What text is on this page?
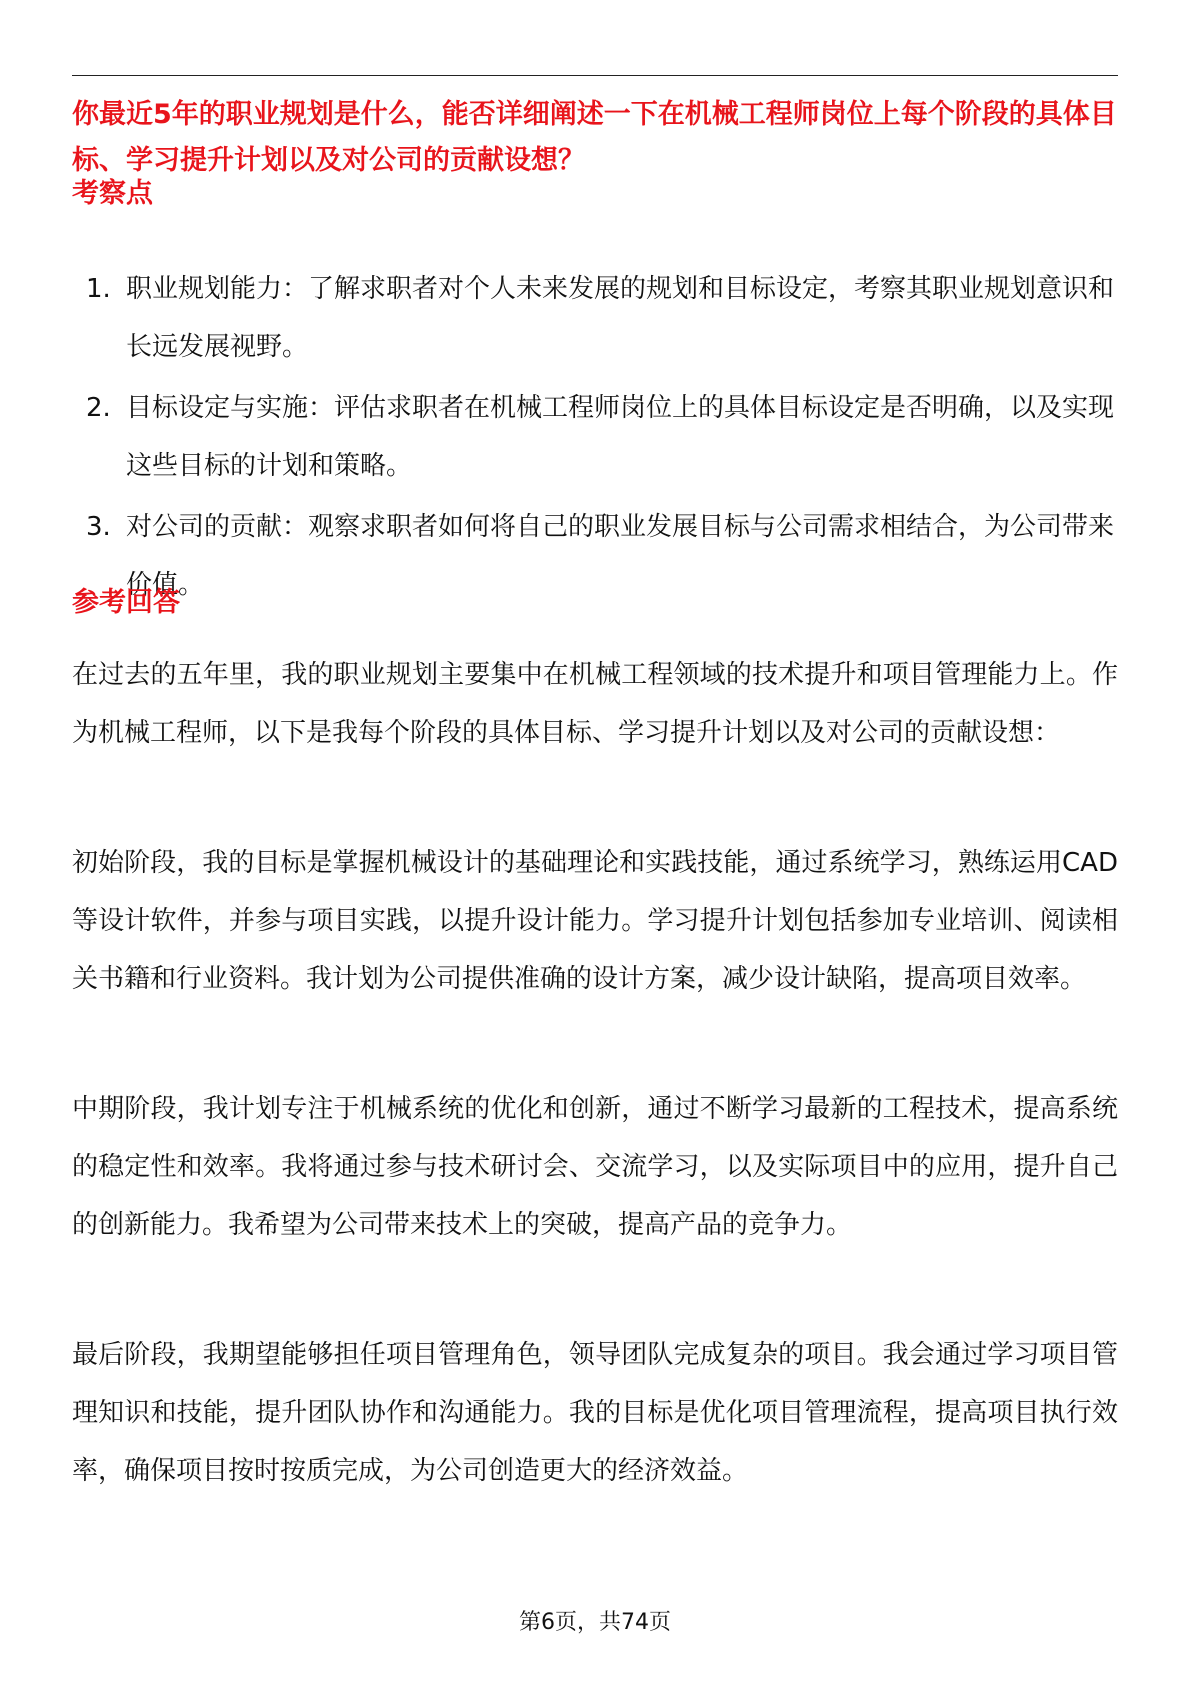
你最近5年的职业规划是什么，能否详细阐述一下在机械工程师岗位上每个阶段的具体目标、学习提升计划以及对公司的贡献设想？
考察点
1. 职业规划能力：了解求职者对个人未来发展的规划和目标设定，考察其职业规划意识和长远发展视野。
2. 目标设定与实施：评估求职者在机械工程师岗位上的具体目标设定是否明确，以及实现这些目标的计划和策略。
3. 对公司的贡献：观察求职者如何将自己的职业发展目标与公司需求相结合，为公司带来价值。
参考回答

在过去的五年里，我的职业规划主要集中在机械工程领域的技术提升和项目管理能力上。作为机械工程师，以下是我每个阶段的具体目标、学习提升计划以及对公司的贡献设想：

初始阶段，我的目标是掌握机械设计的基础理论和实践技能，通过系统学习，熟练运用CAD等设计软件，并参与项目实践，以提升设计能力。学习提升计划包括参加专业培训、阅读相关书籍和行业资料。我计划为公司提供准确的设计方案，减少设计缺陷，提高项目效率。

中期阶段，我计划专注于机械系统的优化和创新，通过不断学习最新的工程技术，提高系统的稳定性和效率。我将通过参与技术研讨会、交流学习，以及实际项目中的应用，提升自己的创新能力。我希望为公司带来技术上的突破，提高产品的竞争力。

最后阶段，我期望能够担任项目管理角色，领导团队完成复杂的项目。我会通过学习项目管理知识和技能，提升团队协作和沟通能力。我的目标是优化项目管理流程，提高项目执行效率，确保项目按时按质完成，为公司创造更大的经济效益。

第6页，共74页
